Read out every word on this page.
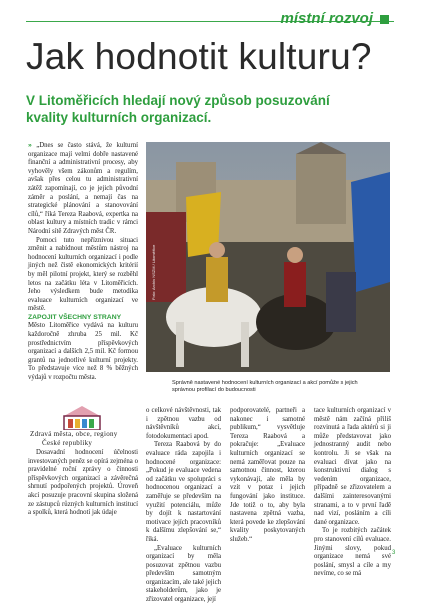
místní rozvoj
Jak hodnotit kulturu?
V Litoměřicích hledají nový způsob posuzování kvality kulturních organizací.

» „Dnes se často stává, že kulturní organizace mají velmi dobře nastavené finanční a administrativní procesy, aby vyhověly všem zákonům a regulím, avšak přes celou tu administrativní zátěž zapomínají, co je jejich původní záměr a poslání, a nemají čas na strategické plánování a stanovování cílů,“ říká Tereza Raabová, expertka na oblast kultury a místních tradic v rámci Národní sítě Zdravých měst ČR.

Pomoci tuto nepříznivou situaci změnit a nabídnout městům nástroj na hodnocení kulturních organizací i podle jiných než čistě ekonomických kritérií by měl pilotní projekt, který se rozběhl letos na začátku léta v Litoměřicích. Jeho výsledkem bude metodika evaluace kulturních organizací ve městě.

ZAPOJIT VŠECHNY STRANY

Město Litoměřice vydává na kulturu každoročně zhruba 25 mil. Kč prostřednictvím příspěvkových organizací a dalších 2,5 mil. Kč formou grantů na jednotlivé kulturní projekty. To představuje více než 8 % běžných výdajů v rozpočtu města.

Foto: Archiv NSZM / Litoměřice
Správně nastavené hodnocení kulturních organizací a akcí pomůže s jejich správnou profilací do budoucnosti
Zdravá města, obce, regiony
České republiky

Dosavadní hodnocení účelnosti investovaných peněz se opírá zejména o pravidelné roční zprávy o činnosti příspěvkových organizací a závěrečná shrnutí podpořených projektů. Úroveň akcí posuzuje pracovní skupina složená ze zástupců různých kulturních institucí a spolků, která hodnotí jak údaje

o celkové návštěvnosti, tak i zpětnou vazbu od návštěvníků akcí, fotodokumentaci apod.

Tereza Raabová by do evaluace ráda zapojila i hodnocené organizace: „Pokud je evaluace vedena od začátku ve spolupráci s hodnocenou organizací a zaměřuje se především na využití potenciálu, může by dojít k nastartování motivace jejích pracovníků k dalšímu zlepšování se,“ říká.

„Evaluace kulturních organizací by měla posuzovat zpětnou vazbu především samotným organizacím, ale také jejich stakeholderům, jako je zřizovatel organizace, její

podporovatelé, partneři a nakonec i samotné publikum,“ vysvětluje Tereza Raabová a pokračuje: „Evaluace kulturních organizací se nemá zaměřovat pouze na samotnou činnost, kterou vykonávají, ale měla by vzít v potaz i jejich fungování jako instituce. Jde totiž o to, aby byla nastavena zpětná vazba, která povede ke zlepšování kvality poskytovaných služeb.“

tace kulturních organizací v městě nám začíná přiliš rozvinutá a řada aktérů si ji může představovat jako jednostranný audit nebo kontrolu. Ji se však na evaluaci dívat jako na konstruktivní dialog s vedením organizace, případně se zřizovatelem a dalšími zainteresovanými stranami, a to v první řadě nad vizí, posláním a cíli dané organizace.

To je rozbitých začátek pro stanovení cílů evaluace. Jinými slovy, pokud organizace nemá své poslání, smysl a cíle a my nevíme, co se má

3
